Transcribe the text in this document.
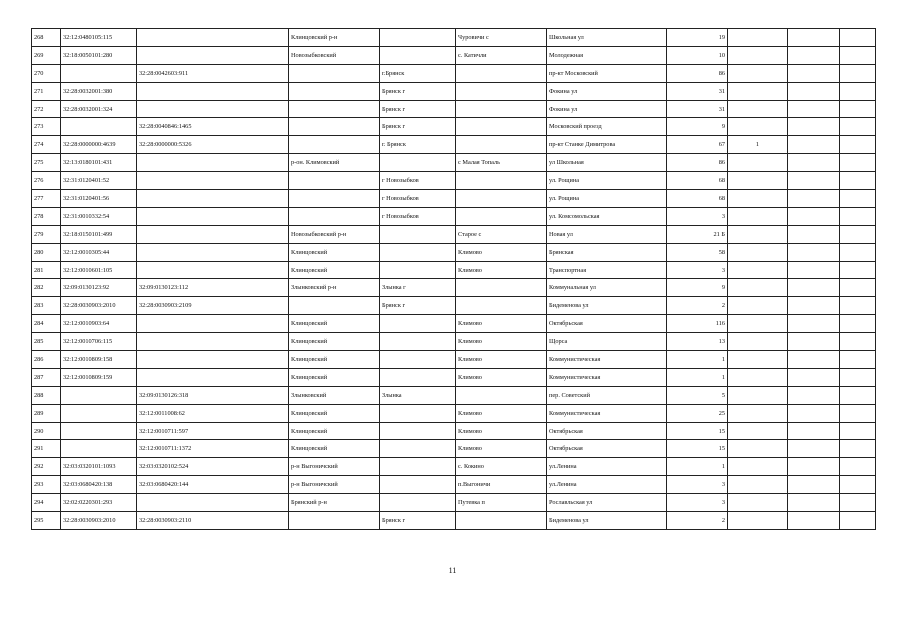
268	32:12:0480105:115		Клинцовский р-н		Чуровичи с	Школьная ул	19			
269	32:18:0050101:280		Новозыбковский		с. Катичли	Молодежная	10			
270		32:28:0042603:911		г.Брянск		пр-кт Московский	86			
271	32:28:0032001:380			Брянск г		Фокина ул	31			
272	32:28:0032001:324			Брянск г		Фокина ул	31			
273		32:28:0040846:1465		Брянск г		Московский проезд	9			
274	32:28:0000000:4639	32:28:0000000:5326		г. Брянск		пр-кт Станке Димитрова	67	1		
275	32:13:0180101:431		р-он. Климовский		с Малая Топаль	ул Школьная	86			
276	32:31:0120401:52			г Новозыбков		ул. Рощина	68			
277	32:31:0120401:56			г Новозыбков		ул. Рощина	68			
278	32:31:0010332:54			г Новозыбков		ул. Комсомольская	3			
279	32:18:0150101:499		Новозыбковский р-н		Старое с	Новая ул	21 Б			
280	32:12:0010305:44		Клинцовский		Климово	Брянская	58			
281	32:12:0010601:105		Клинцовский		Климово	Транспортная	3			
282	32:09:0130123:92	32:09:0130123:112	Злынковский р-н	Злынка г		Коммунальная ул	9			
283	32:28:0030903:2010	32:28:0030903:2109		Брянск г		Бидеменова ул	2			
284	32:12:0010903:64		Клинцовский		Климово	Октябрьская	116			
285	32:12:0010706:115		Клинцовский		Климово	Щорса	13			
286	32:12:0010809:158		Клинцовский		Климово	Коммунистическая	1			
287	32:12:0010809:159		Клинцовский		Климово	Коммунистическая	1			
288		32:09:0130126:318	Злынковский	Злынка		пер. Советский	5			
289		32:12:0011008:62	Клинцовский		Климово	Коммунистическая	25			
290		32:12:0010711:597	Клинцовский		Климово	Октябрьская	15			
291		32:12:0010711:1372	Клинцовский		Климово	Октябрьская	15			
292	32:03:0320101:1093	32:03:0320102:524	р-н Выгоничский		с. Кокино	ул.Ленина	1			
293	32:03:0680420:138	32:03:0680420:144	р-н Выгоничский		п.Выгоничи	ул.Ленина	3			
294	32:02:0220301:293		Брянский р-н		Путевка п	Рославльская ул	3			
295	32:28:0030903:2010	32:28:0030903:2110		Брянск г		Бидеменова ул	2			
11
